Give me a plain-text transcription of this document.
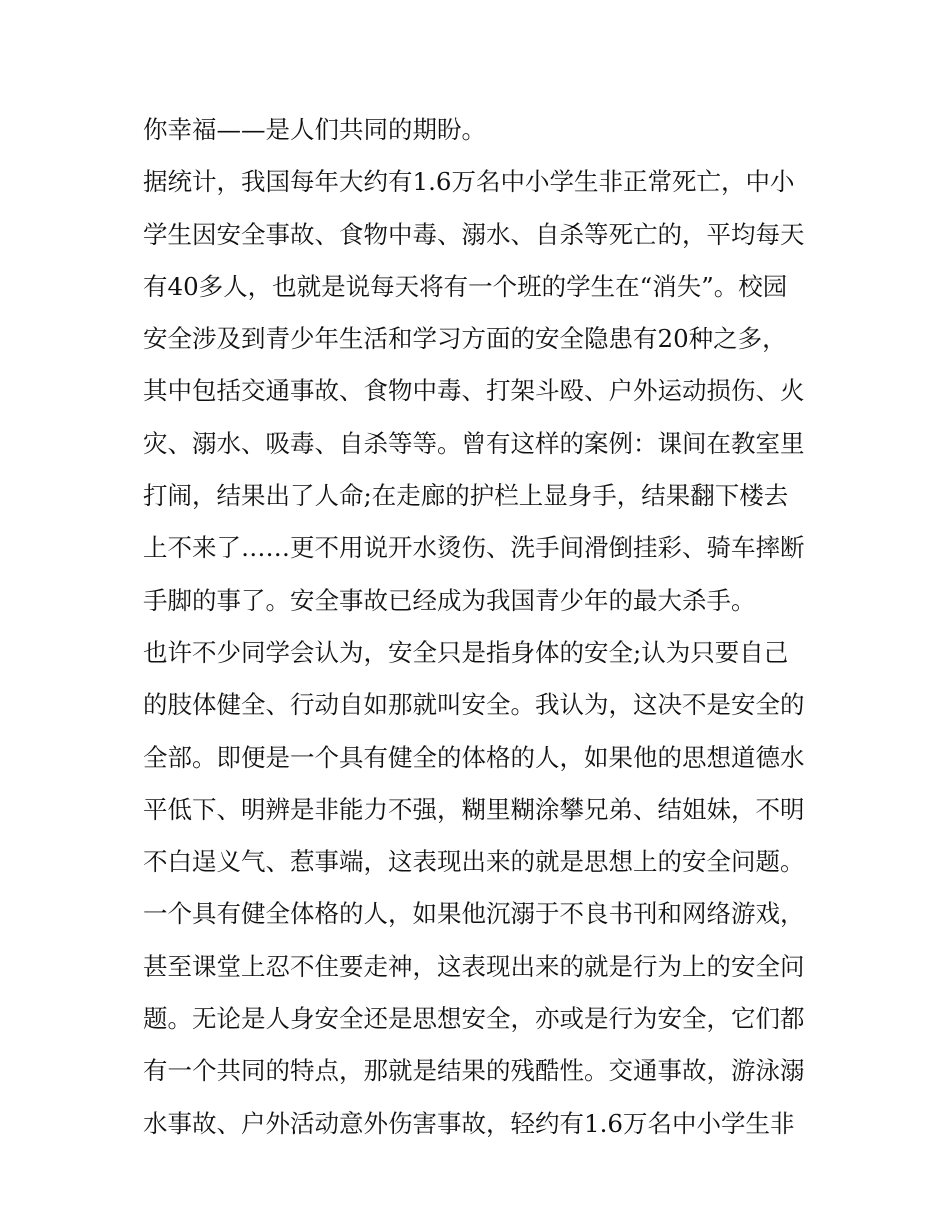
你幸福——是人们共同的期盼。
据统计，我国每年大约有1.6万名中小学生非正常死亡，中小
学生因安全事故、食物中毒、溺水、自杀等死亡的，平均每天
有40多人，也就是说每天将有一个班的学生在“消失”。校园
安全涉及到青少年生活和学习方面的安全隐患有20种之多，
其中包括交通事故、食物中毒、打架斗殴、户外运动损伤、火
灾、溺水、吸毒、自杀等等。曾有这样的案例：课间在教室里
打闹，结果出了人命;在走廊的护栏上显身手，结果翻下楼去
上不来了……更不用说开水烫伤、洗手间滑倒挂彩、骑车摔断
手脚的事了。安全事故已经成为我国青少年的最大杀手。
也许不少同学会认为，安全只是指身体的安全;认为只要自己
的肢体健全、行动自如那就叫安全。我认为，这决不是安全的
全部。即便是一个具有健全的体格的人，如果他的思想道德水
平低下、明辨是非能力不强，糊里糊涂攀兄弟、结姐妹，不明
不白逞义气、惹事端，这表现出来的就是思想上的安全问题。
一个具有健全体格的人，如果他沉溺于不良书刊和网络游戏，
甚至课堂上忍不住要走神，这表现出来的就是行为上的安全问
题。无论是人身安全还是思想安全，亦或是行为安全，它们都
有一个共同的特点，那就是结果的残酷性。交通事故，游泳溺
水事故、户外活动意外伤害事故，轻约有1.6万名中小学生非
